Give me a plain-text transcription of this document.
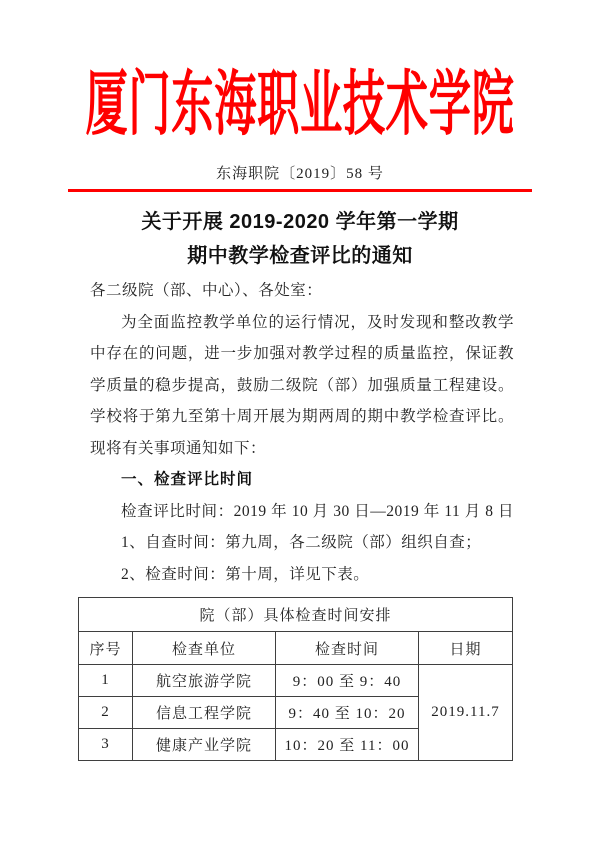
厦门东海职业技术学院
东海职院〔2019〕58 号
关于开展 2019-2020 学年第一学期
期中教学检查评比的通知
各二级院（部、中心）、各处室：
为全面监控教学单位的运行情况，及时发现和整改教学
中存在的问题，进一步加强对教学过程的质量监控，保证教
学质量的稳步提高，鼓励二级院（部）加强质量工程建设。
学校将于第九至第十周开展为期两周的期中教学检查评比。
现将有关事项通知如下：
一、检查评比时间
检查评比时间：2019 年 10 月 30 日—2019 年 11 月 8 日
1、自查时间：第九周，各二级院（部）组织自查；
2、检查时间：第十周，详见下表。
院（部）具体检查时间安排			
序号	检查单位	检查时间	日期
1	航空旅游学院	9：00 至 9：40	2019.11.7
2	信息工程学院	9：40 至 10：20	
3	健康产业学院	10：20 至 11：00	
